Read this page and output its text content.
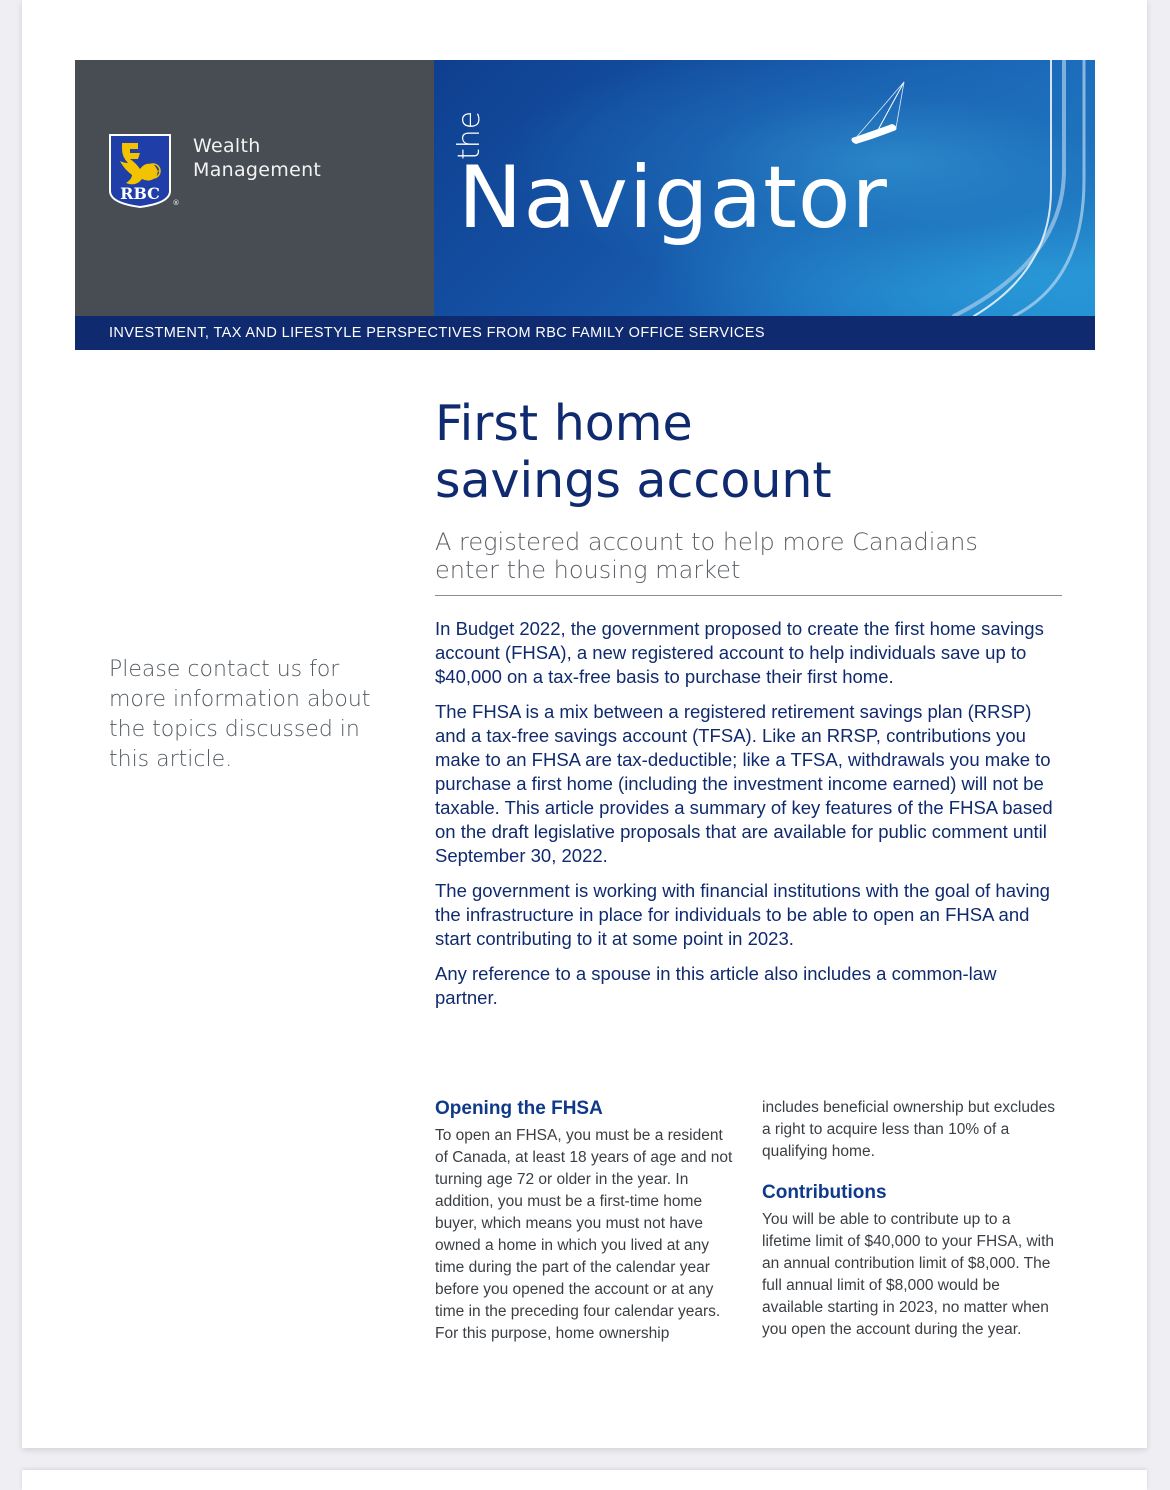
RBC ®
Wealth
Management
the
Navigator
INVESTMENT, TAX AND LIFESTYLE PERSPECTIVES FROM RBC FAMILY OFFICE SERVICES
Please contact us for more information about the topics discussed in this article.
First home
savings account
A registered account to help more Canadians
enter the housing market

In Budget 2022, the government proposed to create the first home savings account (FHSA), a new registered account to help individuals save up to $40,000 on a tax-free basis to purchase their first home.

The FHSA is a mix between a registered retirement savings plan (RRSP) and a tax-free savings account (TFSA). Like an RRSP, contributions you make to an FHSA are tax-deductible; like a TFSA, withdrawals you make to purchase a first home (including the investment income earned) will not be taxable. This article provides a summary of key features of the FHSA based on the draft legislative proposals that are available for public comment until September 30, 2022.

The government is working with financial institutions with the goal of having the infrastructure in place for individuals to be able to open an FHSA and start contributing to it at some point in 2023.

Any reference to a spouse in this article also includes a common-law partner.

Opening the FHSA

To open an FHSA, you must be a resident of Canada, at least 18 years of age and not turning age 72 or older in the year. In addition, you must be a first-time home buyer, which means you must not have owned a home in which you lived at any time during the part of the calendar year before you opened the account or at any time in the preceding four calendar years. For this purpose, home ownership

includes beneficial ownership but excludes a right to acquire less than 10% of a qualifying home.

Contributions

You will be able to contribute up to a lifetime limit of $40,000 to your FHSA, with an annual contribution limit of $8,000. The full annual limit of $8,000 would be available starting in 2023, no matter when you open the account during the year.
